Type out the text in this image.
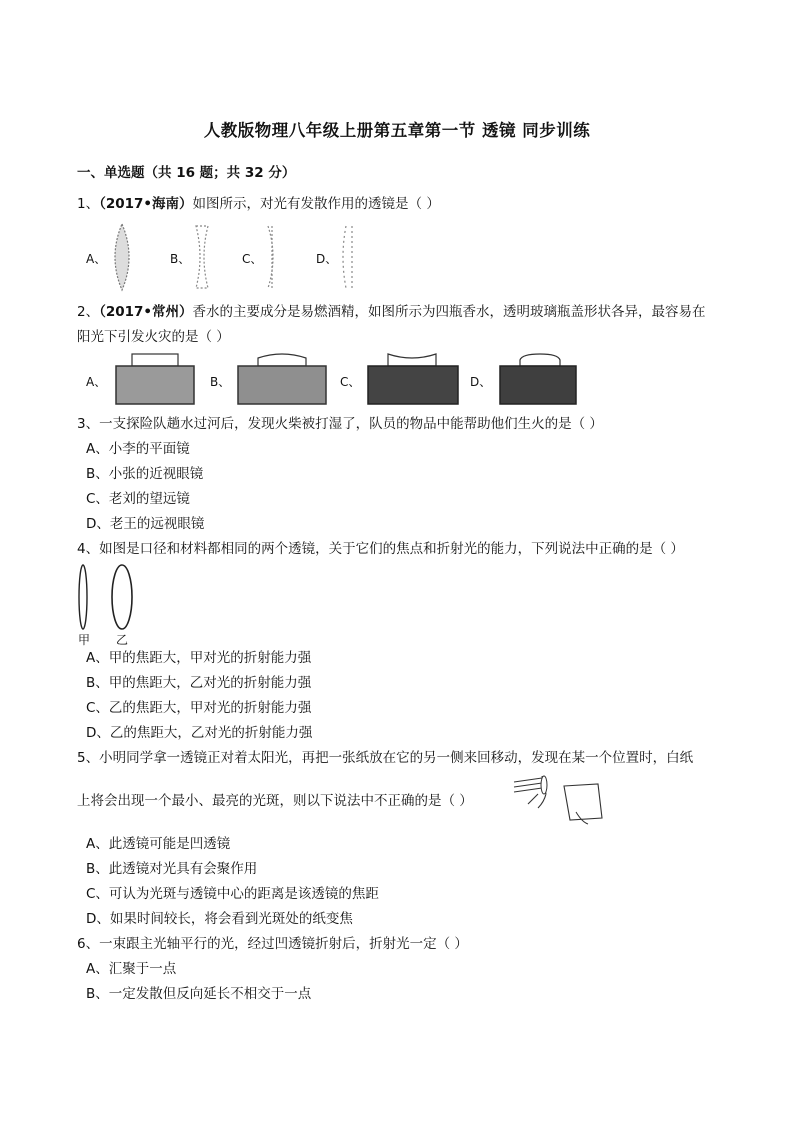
人教版物理八年级上册第五章第一节 透镜 同步训练
一、单选题（共 16 题；共 32 分）
1、（2017•海南）如图所示，对光有发散作用的透镜是（ ）
A、	B、	C、	D、
2、（2017•常州）香水的主要成分是易燃酒精，如图所示为四瓶香水，透明玻璃瓶盖形状各异，最容易在
阳光下引发火灾的是（ ）
A、	B、	C、	D、
3、一支探险队趟水过河后，发现火柴被打湿了，队员的物品中能帮助他们生火的是（ ）
A、小李的平面镜
B、小张的近视眼镜
C、老刘的望远镜
D、老王的远视眼镜
4、如图是口径和材料都相同的两个透镜，关于它们的焦点和折射光的能力，下列说法中正确的是（ ）
甲 乙
A、甲的焦距大，甲对光的折射能力强
B、甲的焦距大，乙对光的折射能力强
C、乙的焦距大，甲对光的折射能力强
D、乙的焦距大，乙对光的折射能力强
5、小明同学拿一透镜正对着太阳光，再把一张纸放在它的另一侧来回移动，发现在某一个位置时，白纸
上将会出现一个最小、最亮的光斑，则以下说法中不正确的是（ ）
A、此透镜可能是凹透镜
B、此透镜对光具有会聚作用
C、可认为光斑与透镜中心的距离是该透镜的焦距
D、如果时间较长，将会看到光斑处的纸变焦
6、一束跟主光轴平行的光，经过凹透镜折射后，折射光一定（ ）
A、汇聚于一点
B、一定发散但反向延长不相交于一点
